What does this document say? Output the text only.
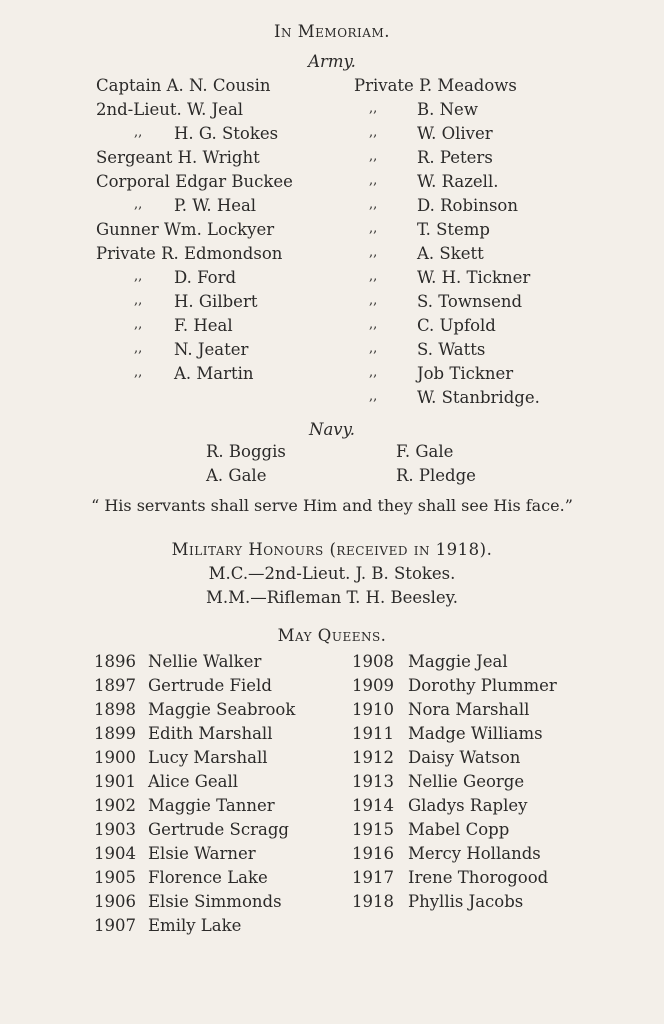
In Memoriam.
Army.
Captain A. N. Cousin
2nd-Lieut. W. Jeal
,, H. G. Stokes
Sergeant H. Wright
Corporal Edgar Buckee
,, P. W. Heal
Gunner Wm. Lockyer
Private R. Edmondson
,, D. Ford
,, H. Gilbert
,, F. Heal
,, N. Jeater
,, A. Martin
Private P. Meadows
,, B. New
,, W. Oliver
,, R. Peters
,, W. Razell.
,, D. Robinson
,, T. Stemp
,, A. Skett
,, W. H. Tickner
,, S. Townsend
,, C. Upfold
,, S. Watts
,, Job Tickner
,, W. Stanbridge.
Navy.
R. Boggis
A. Gale
F. Gale
R. Pledge
“ His servants shall serve Him and they shall see His face.”
Military Honours (received in 1918).
M.C.—2nd-Lieut. J. B. Stokes.
M.M.—Rifleman T. H. Beesley.
May Queens.
1896 Nellie Walker
1897 Gertrude Field
1898 Maggie Seabrook
1899 Edith Marshall
1900 Lucy Marshall
1901 Alice Geall
1902 Maggie Tanner
1903 Gertrude Scragg
1904 Elsie Warner
1905 Florence Lake
1906 Elsie Simmonds
1907 Emily Lake
1908 Maggie Jeal
1909 Dorothy Plummer
1910 Nora Marshall
1911 Madge Williams
1912 Daisy Watson
1913 Nellie George
1914 Gladys Rapley
1915 Mabel Copp
1916 Mercy Hollands
1917 Irene Thorogood
1918 Phyllis Jacobs
